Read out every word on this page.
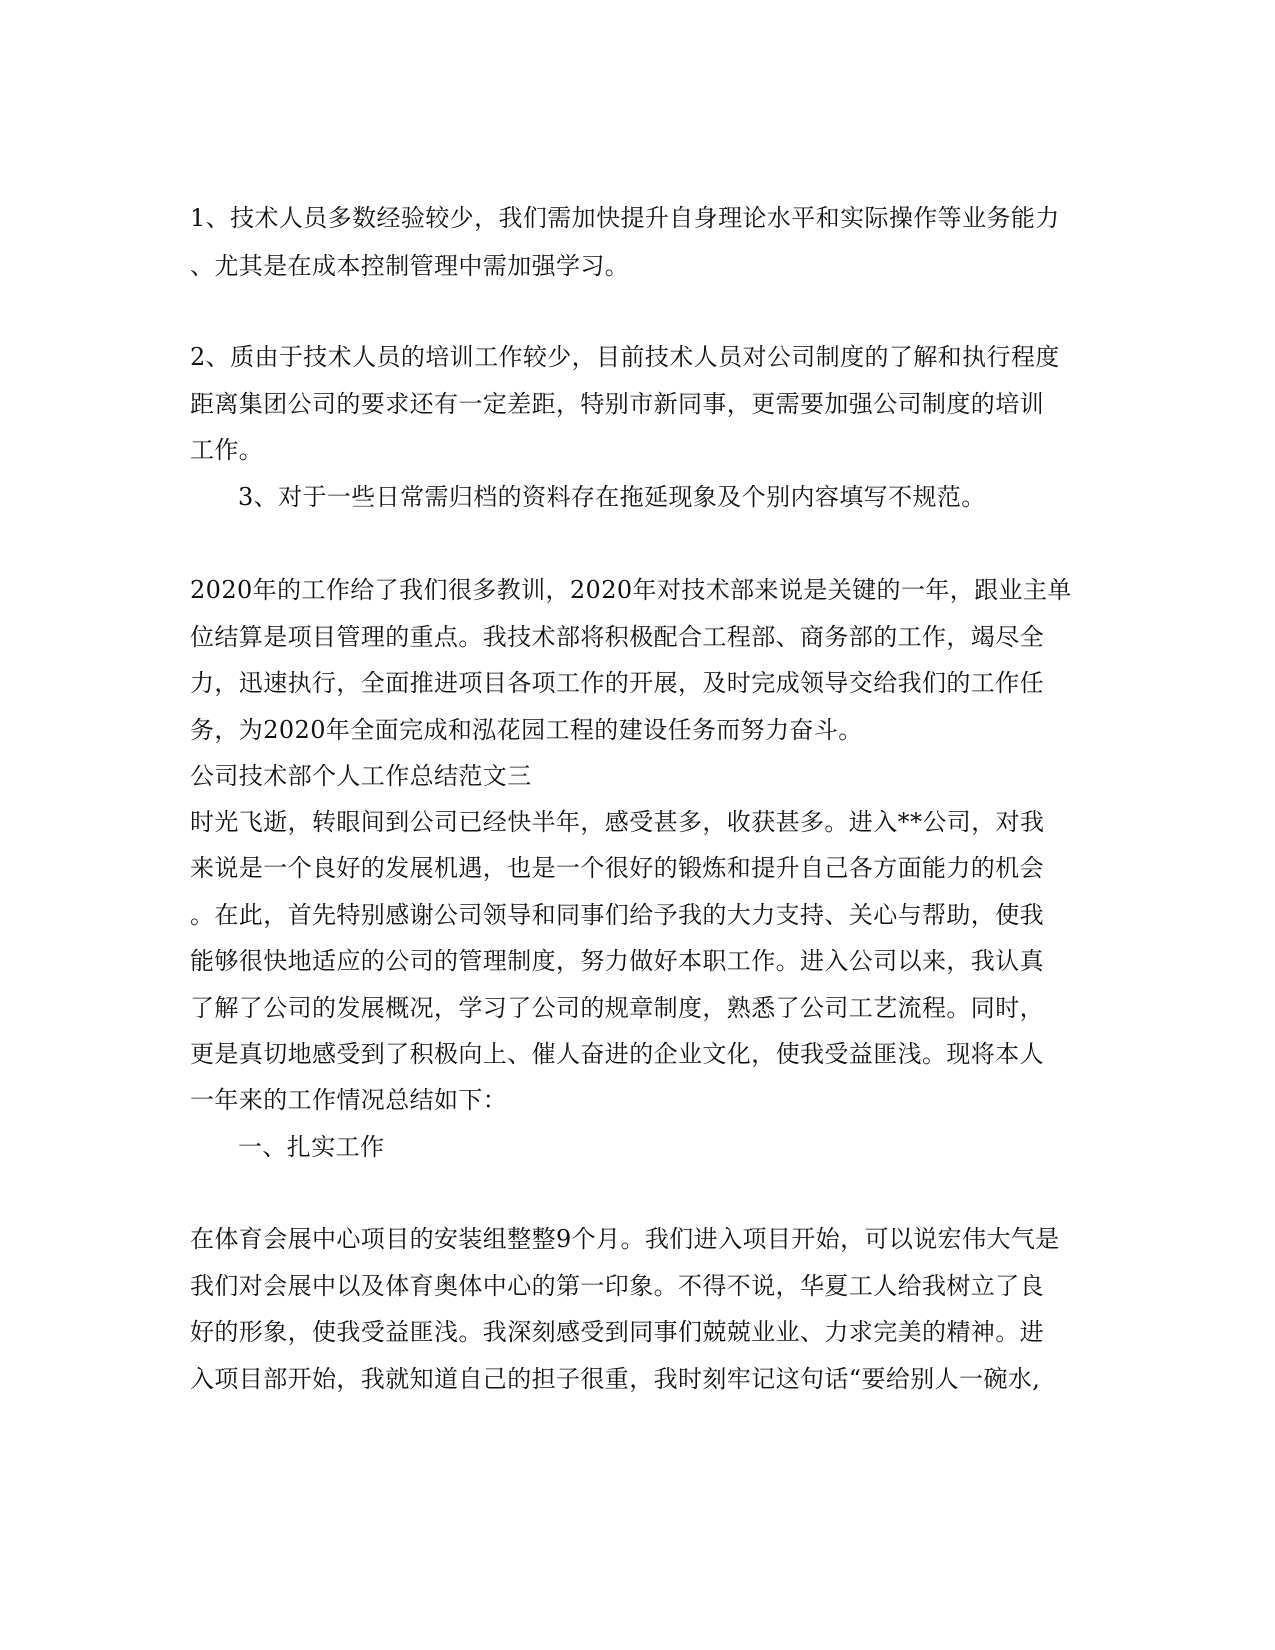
1、技术人员多数经验较少，我们需加快提升自身理论水平和实际操作等业务能力
、尤其是在成本控制管理中需加强学习。
2、质由于技术人员的培训工作较少，目前技术人员对公司制度的了解和执行程度
距离集团公司的要求还有一定差距，特别市新同事，更需要加强公司制度的培训
工作。
3、对于一些日常需归档的资料存在拖延现象及个别内容填写不规范。
2020年的工作给了我们很多教训，2020年对技术部来说是关键的一年，跟业主单
位结算是项目管理的重点。我技术部将积极配合工程部、商务部的工作，竭尽全
力，迅速执行，全面推进项目各项工作的开展，及时完成领导交给我们的工作任
务，为2020年全面完成和泓花园工程的建设任务而努力奋斗。
公司技术部个人工作总结范文三
时光飞逝，转眼间到公司已经快半年，感受甚多，收获甚多。进入**公司，对我
来说是一个良好的发展机遇，也是一个很好的锻炼和提升自己各方面能力的机会
。在此，首先特别感谢公司领导和同事们给予我的大力支持、关心与帮助，使我
能够很快地适应的公司的管理制度，努力做好本职工作。进入公司以来，我认真
了解了公司的发展概况，学习了公司的规章制度，熟悉了公司工艺流程。同时，
更是真切地感受到了积极向上、催人奋进的企业文化，使我受益匪浅。现将本人
一年来的工作情况总结如下：
一、扎实工作
在体育会展中心项目的安装组整整9个月。我们进入项目开始，可以说宏伟大气是
我们对会展中以及体育奥体中心的第一印象。不得不说，华夏工人给我树立了良
好的形象，使我受益匪浅。我深刻感受到同事们兢兢业业、力求完美的精神。进
入项目部开始，我就知道自己的担子很重，我时刻牢记这句话“要给别人一碗水,
